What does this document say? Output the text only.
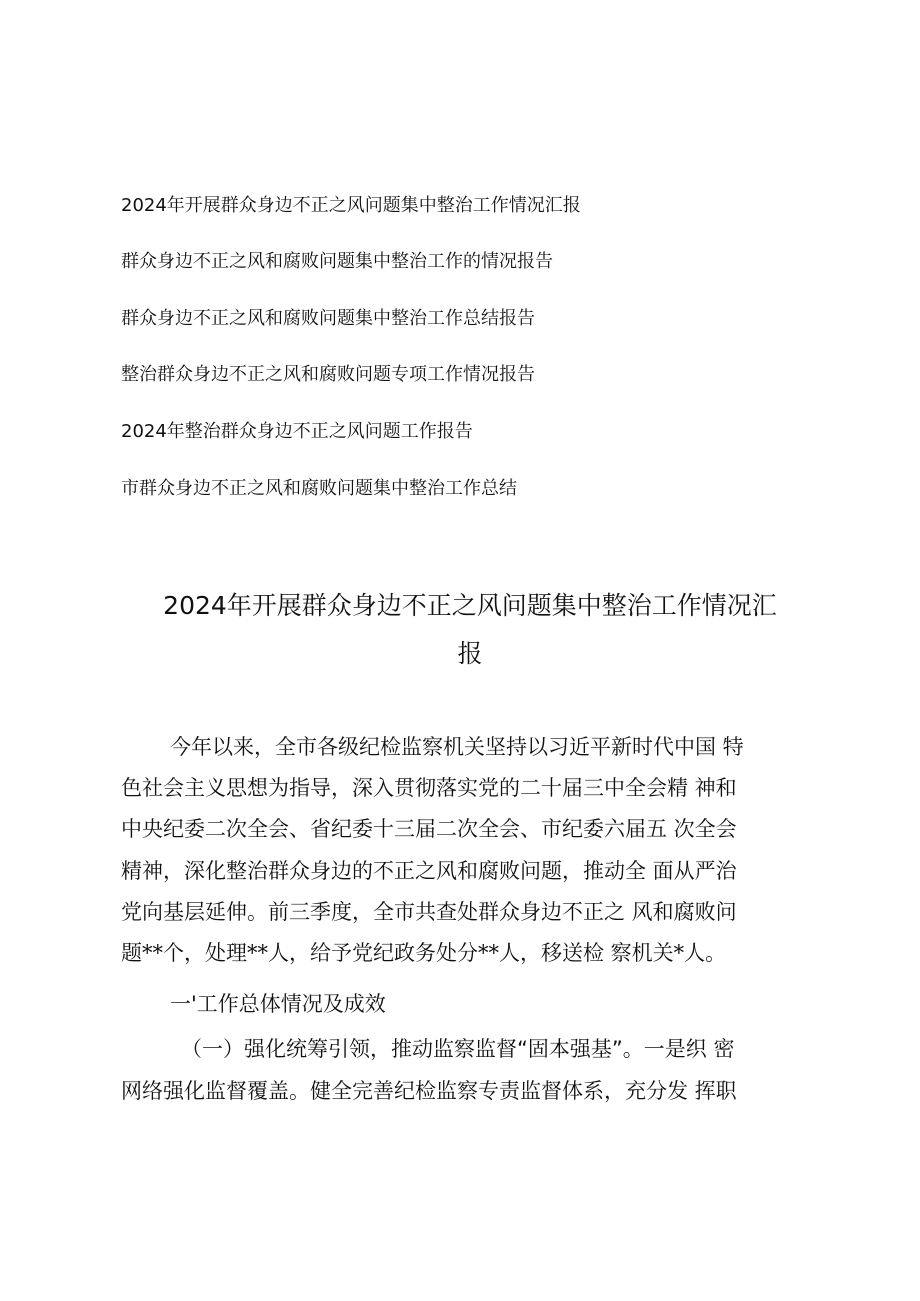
2024年开展群众身边不正之风问题集中整治工作情况汇报
群众身边不正之风和腐败问题集中整治工作的情况报告
群众身边不正之风和腐败问题集中整治工作总结报告
整治群众身边不正之风和腐败问题专项工作情况报告
2024年整治群众身边不正之风问题工作报告
市群众身边不正之风和腐败问题集中整治工作总结
2024年开展群众身边不正之风问题集中整治工作情况汇
报
今年以来，全市各级纪检监察机关坚持以习近平新时代中国 特
色社会主义思想为指导，深入贯彻落实党的二十届三中全会精 神和
中央纪委二次全会、省纪委十三届二次全会、市纪委六届五 次全会
精神，深化整治群众身边的不正之风和腐败问题，推动全 面从严治
党向基层延伸。前三季度，全市共查处群众身边不正之 风和腐败问
题**个，处理**人，给予党纪政务处分**人，移送检 察机关*人。
一'工作总体情况及成效
（一）强化统筹引领，推动监察监督“固本强基”。一是织 密
网络强化监督覆盖。健全完善纪检监察专责监督体系，充分发 挥职
